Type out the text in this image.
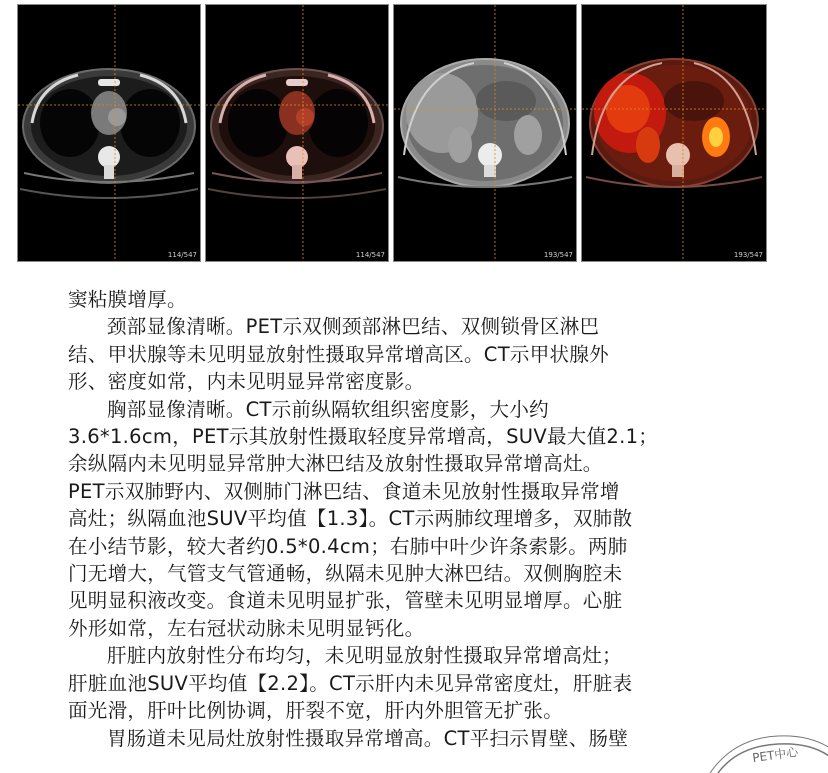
114/547	114/547	193/547	193/547

窦粘膜增厚。

颈部显像清晰。PET示双侧颈部淋巴结、双侧锁骨区淋巴
结、甲状腺等未见明显放射性摄取异常增高区。CT示甲状腺外
形、密度如常，内未见明显异常密度影。

胸部显像清晰。CT示前纵隔软组织密度影，大小约
3.6*1.6cm，PET示其放射性摄取轻度异常增高，SUV最大值2.1；
余纵隔内未见明显异常肿大淋巴结及放射性摄取异常增高灶。
PET示双肺野内、双侧肺门淋巴结、食道未见放射性摄取异常增
高灶；纵隔血池SUV平均值【1.3】。CT示两肺纹理增多，双肺散
在小结节影，较大者约0.5*0.4cm；右肺中叶少许条索影。两肺
门无增大，气管支气管通畅，纵隔未见肿大淋巴结。双侧胸腔未
见明显积液改变。食道未见明显扩张，管壁未见明显增厚。心脏
外形如常，左右冠状动脉未见明显钙化。

肝脏内放射性分布均匀，未见明显放射性摄取异常增高灶；
肝脏血池SUV平均值【2.2】。CT示肝内未见异常密度灶，肝脏表
面光滑，肝叶比例协调，肝裂不宽，肝内外胆管无扩张。

胃肠道未见局灶放射性摄取异常增高。CT平扫示胃壁、肠壁

PET中心
